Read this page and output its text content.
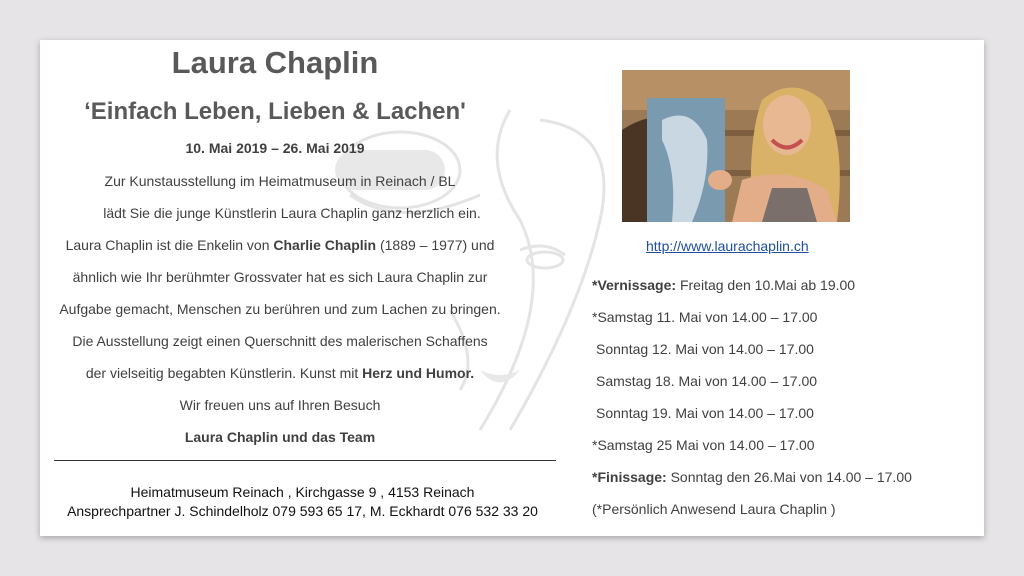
Laura Chaplin
‘Einfach Leben, Lieben & Lachen'
10. Mai 2019 – 26. Mai 2019
Zur Kunstausstellung im Heimatmuseum in Reinach / BL
lädt Sie die junge Künstlerin Laura Chaplin ganz herzlich ein.
Laura Chaplin ist die Enkelin von Charlie Chaplin (1889 – 1977) und
ähnlich wie Ihr berühmter Grossvater hat es sich Laura Chaplin zur
Aufgabe gemacht, Menschen zu berühren und zum Lachen zu bringen.
Die Ausstellung zeigt einen Querschnitt des malerischen Schaffens
der vielseitig begabten Künstlerin. Kunst mit Herz und Humor.
Wir freuen uns auf Ihren Besuch
Laura Chaplin und das Team
Heimatmuseum Reinach , Kirchgasse 9 , 4153 Reinach
Ansprechpartner J. Schindelholz 079 593 65 17, M. Eckhardt 076 532 33 20
http://www.laurachaplin.ch
*Vernissage: Freitag den 10.Mai ab 19.00
*Samstag 11. Mai von 14.00 – 17.00
Sonntag 12. Mai von 14.00 – 17.00
Samstag 18. Mai von 14.00 – 17.00
Sonntag 19. Mai von 14.00 – 17.00
*Samstag 25 Mai von 14.00 – 17.00
*Finissage: Sonntag den 26.Mai von 14.00 – 17.00
(*Persönlich Anwesend Laura Chaplin )
